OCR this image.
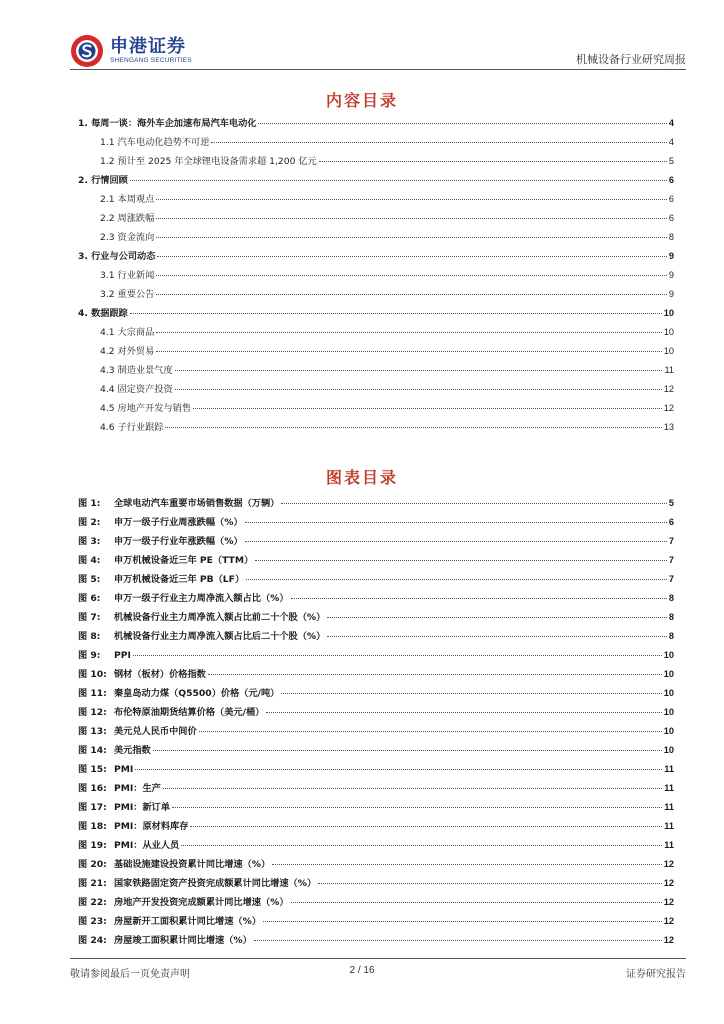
申港证券
SHENGANG SECURITIES	机械设备行业研究周报
内容目录
1. 每周一谈：海外车企加速布局汽车电动化	4
1.1 汽车电动化趋势不可逆	4
1.2 预计至 2025 年全球锂电设备需求超 1,200 亿元	5
2. 行情回顾	6
2.1 本周观点	6
2.2 周涨跌幅	6
2.3 资金流向	8
3. 行业与公司动态	9
3.1 行业新闻	9
3.2 重要公告	9
4. 数据跟踪	10
4.1 大宗商品	10
4.2 对外贸易	10
4.3 制造业景气度	11
4.4 固定资产投资	12
4.5 房地产开发与销售	12
4.6 子行业跟踪	13
图表目录
图 1:	全球电动汽车重要市场销售数据（万辆）	5
图 2:	申万一级子行业周涨跌幅（%）	6
图 3:	申万一级子行业年涨跌幅（%）	7
图 4:	申万机械设备近三年 PE（TTM）	7
图 5:	申万机械设备近三年 PB（LF）	7
图 6:	申万一级子行业主力周净流入额占比（%）	8
图 7:	机械设备行业主力周净流入额占比前二十个股（%）	8
图 8:	机械设备行业主力周净流入额占比后二十个股（%）	8
图 9:	PPI	10
图 10: 钢材（板材）价格指数	10
图 11: 秦皇岛动力煤（Q5500）价格（元/吨）	10
图 12: 布伦特原油期货结算价格（美元/桶）	10
图 13: 美元兑人民币中间价	10
图 14: 美元指数	10
图 15: PMI	11
图 16: PMI：生产	11
图 17: PMI：新订单	11
图 18: PMI：原材料库存	11
图 19: PMI：从业人员	11
图 20: 基础设施建设投资累计同比增速（%）	12
图 21: 国家铁路固定资产投资完成额累计同比增速（%）	12
图 22: 房地产开发投资完成额累计同比增速（%）	12
图 23: 房屋新开工面积累计同比增速（%）	12
图 24: 房屋竣工面积累计同比增速（%）	12
敬请参阅最后一页免责声明	2 / 16	证券研究报告
